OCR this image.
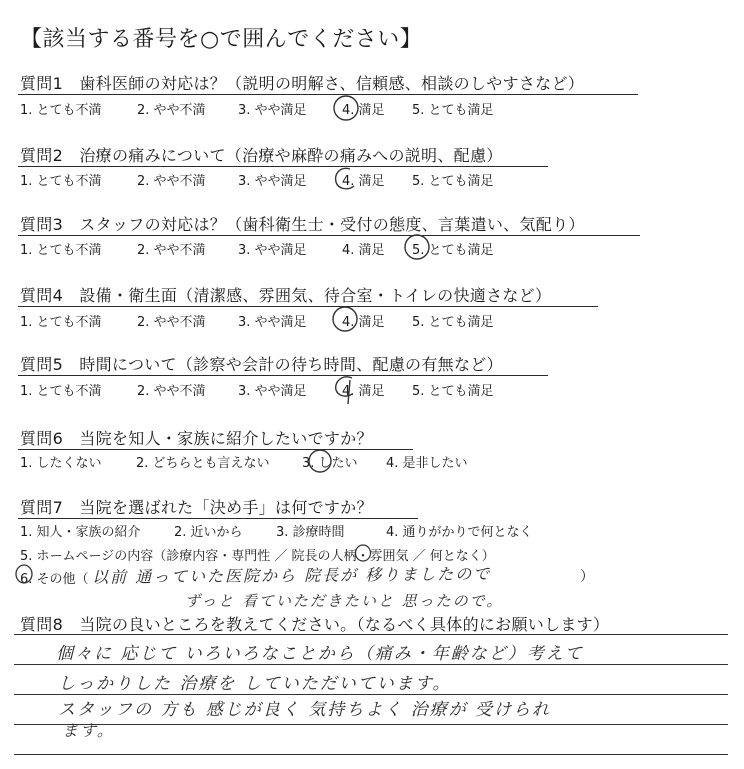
【該当する番号を○で囲んでください】
質問1　歯科医師の対応は？（説明の明解さ、信頼感、相談のしやすさなど）
1. とても不満	2. やや不満	3. やや満足	4. 満足	5. とても満足
質問2　治療の痛みについて（治療や麻酔の痛みへの説明、配慮）
1. とても不満	2. やや不満	3. やや満足	4. 満足	5. とても満足
質問3　スタッフの対応は？（歯科衛生士・受付の態度、言葉遣い、気配り）
1. とても不満	2. やや不満	3. やや満足	4. 満足	5. とても満足
質問4　設備・衛生面（清潔感、雰囲気、待合室・トイレの快適さなど）
1. とても不満	2. やや不満	3. やや満足	4. 満足	5. とても満足
質問5　時間について（診察や会計の待ち時間、配慮の有無など）
1. とても不満	2. やや不満	3. やや満足	4. 満足	5. とても満足
質問6　当院を知人・家族に紹介したいですか？
1. したくない	2. どちらとも言えない	3. したい	4. 是非したい
質問7　当院を選ばれた「決め手」は何ですか？
1. 知人・家族の紹介	2. 近いから	3. 診療時間	4. 通りがかりで何となく
5. ホームページの内容（診療内容・専門性 ／ 院長の人柄・雰囲気 ／ 何となく）
6. その他（	）
以前 通っていた医院から 院長が 移りましたので
ずっと 看ていただきたいと 思ったので。
質問8　当院の良いところを教えてください。（なるべく具体的にお願いします）
個々に 応じて いろいろなことから（痛み・年齢など）考えて
しっかりした 治療を していただいています。
スタッフの 方も 感じが良く 気持ちよく 治療が 受けられ
ます。
